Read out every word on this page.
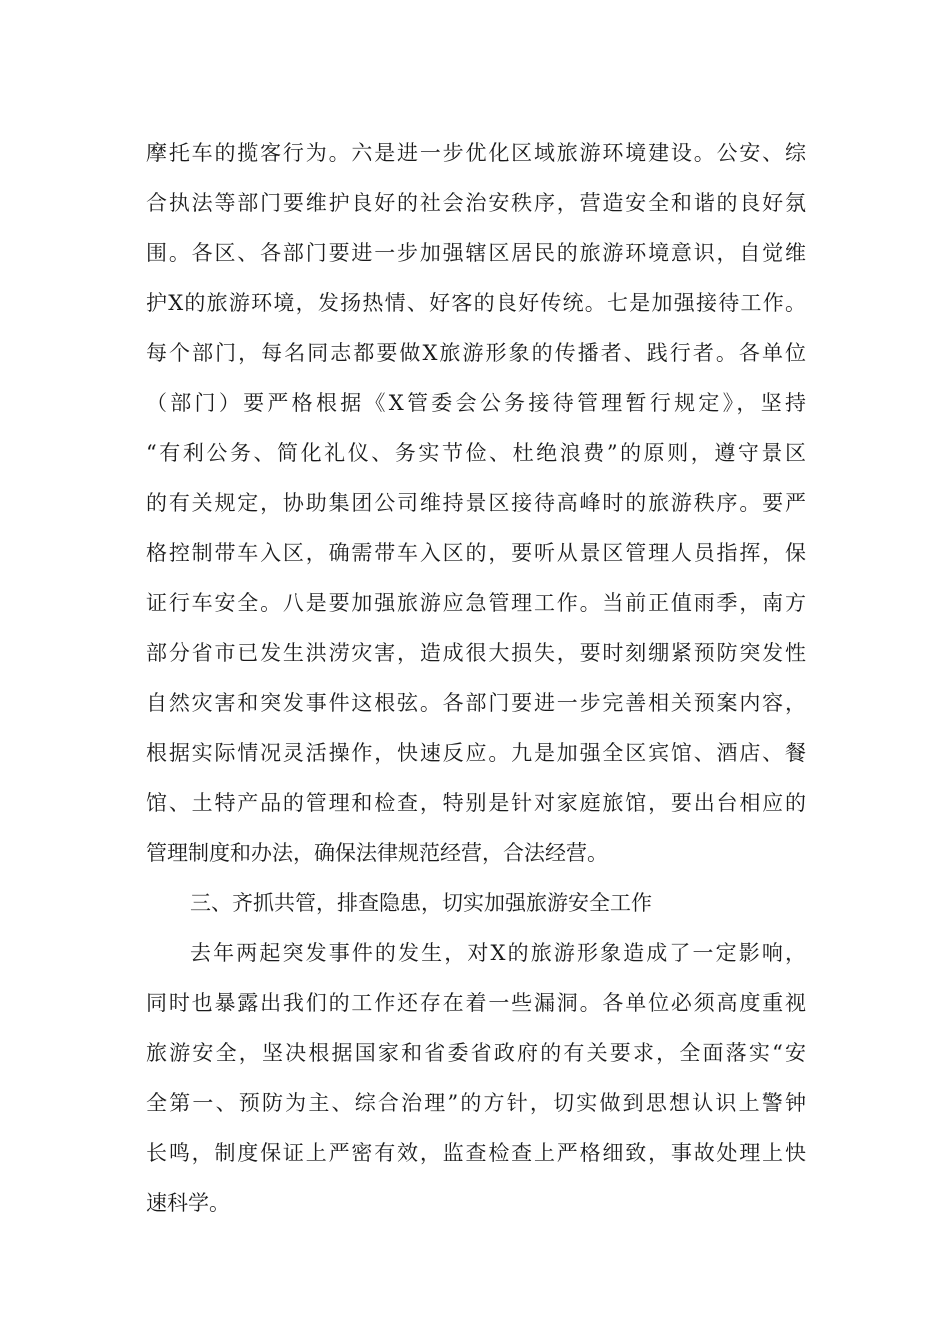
摩托车的揽客行为。六是进一步优化区域旅游环境建设。公安、综
合执法等部门要维护良好的社会治安秩序，营造安全和谐的良好氛
围。各区、各部门要进一步加强辖区居民的旅游环境意识，自觉维
护X的旅游环境，发扬热情、好客的良好传统。七是加强接待工作。
每个部门，每名同志都要做X旅游形象的传播者、践行者。各单位
（部门）要严格根据《X管委会公务接待管理暂行规定》，坚持
“有利公务、简化礼仪、务实节俭、杜绝浪费”的原则，遵守景区
的有关规定，协助集团公司维持景区接待高峰时的旅游秩序。要严
格控制带车入区，确需带车入区的，要听从景区管理人员指挥，保
证行车安全。八是要加强旅游应急管理工作。当前正值雨季，南方
部分省市已发生洪涝灾害，造成很大损失，要时刻绷紧预防突发性
自然灾害和突发事件这根弦。各部门要进一步完善相关预案内容，
根据实际情况灵活操作，快速反应。九是加强全区宾馆、酒店、餐
馆、土特产品的管理和检查，特别是针对家庭旅馆，要出台相应的
管理制度和办法，确保法律规范经营，合法经营。
三、齐抓共管，排查隐患，切实加强旅游安全工作
去年两起突发事件的发生，对X的旅游形象造成了一定影响，
同时也暴露出我们的工作还存在着一些漏洞。各单位必须高度重视
旅游安全，坚决根据国家和省委省政府的有关要求，全面落实“安
全第一、预防为主、综合治理”的方针，切实做到思想认识上警钟
长鸣，制度保证上严密有效，监查检查上严格细致，事故处理上快
速科学。
